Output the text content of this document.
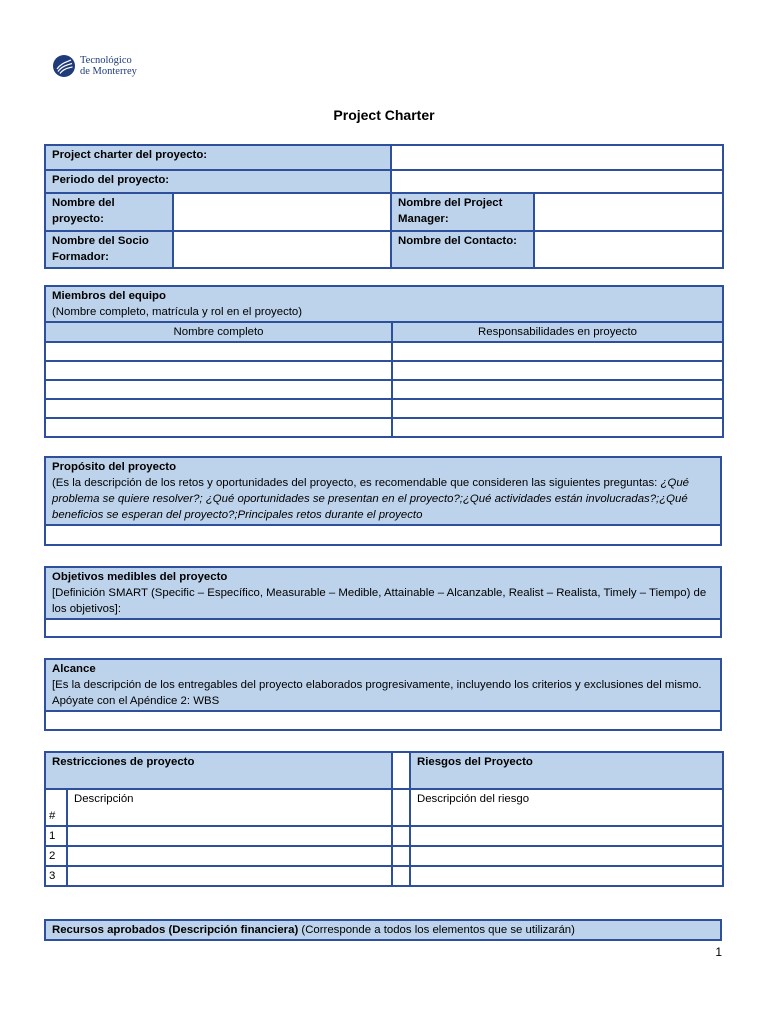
Tecnológico
de Monterrey
Project Charter
Project charter del proyecto:			
Periodo del proyecto:			
Nombre del proyecto:		Nombre del Project Manager:	
Nombre del Socio Formador:		Nombre del Contacto:	
Miembros del equipo
(Nombre completo, matrícula y rol en el proyecto)	

Nombre completo	Responsabilidades en proyecto

Propósito del proyecto
(Es la descripción de los retos y oportunidades del proyecto, es recomendable que consideren las siguientes preguntas: ¿Qué problema se quiere resolver?; ¿Qué oportunidades se presentan en el proyecto?;¿Qué actividades están involucradas?;¿Qué beneficios se esperan del proyecto?;Principales retos durante el proyecto

Objetivos medibles del proyecto
[Definición SMART (Specific – Específico, Measurable – Medible, Attainable – Alcanzable, Realist – Realista, Timely – Tiempo) de los objetivos]:

Alcance
[Es la descripción de los entregables del proyecto elaborados progresivamente, incluyendo los criterios y exclusiones del mismo. Apóyate con el Apéndice 2: WBS

Restricciones de proyecto			Riesgos del Proyecto
#	Descripción		Descripción del riesgo
1			
2			
3			
Recursos aprobados (Descripción financiera) (Corresponde a todos los elementos que se utilizarán)
1
